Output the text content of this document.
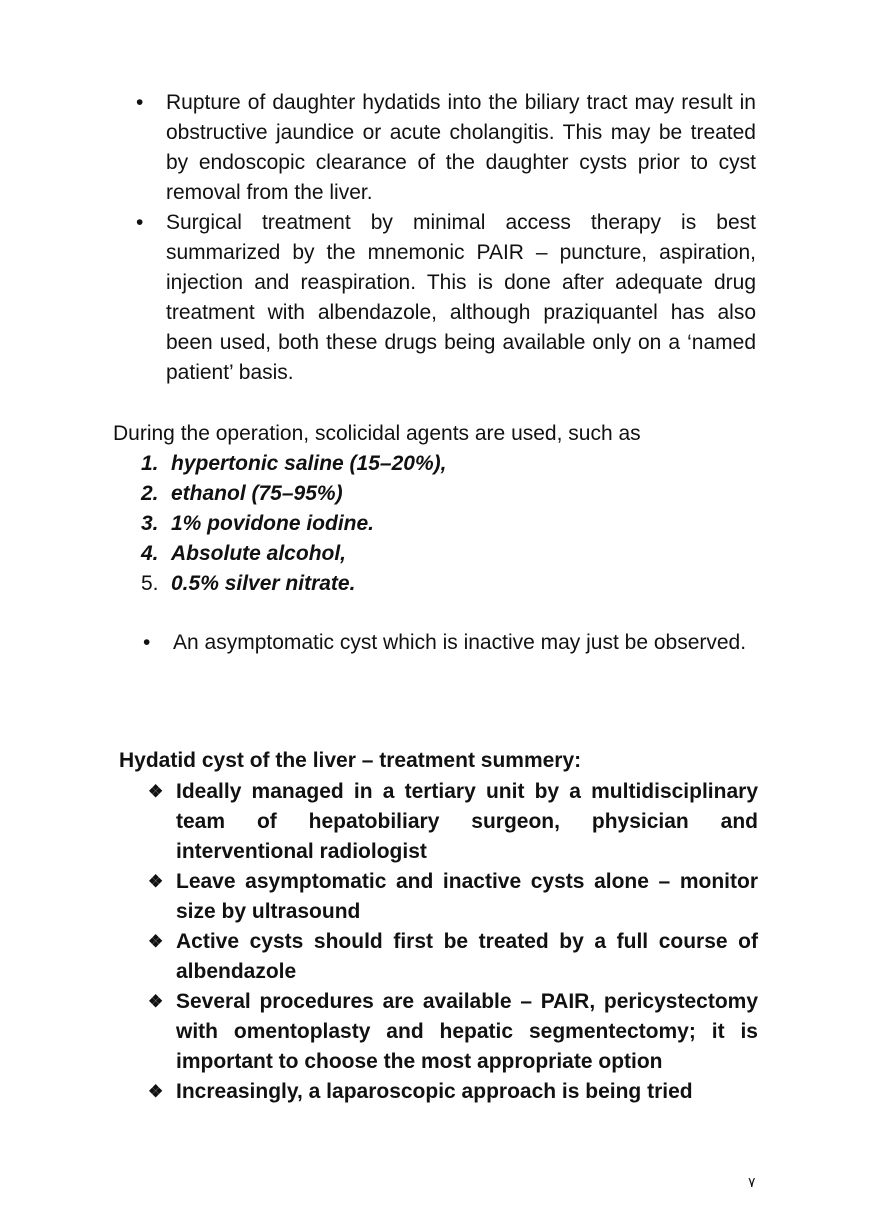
•	Rupture of daughter hydatids into the biliary tract may result in obstructive jaundice or acute cholangitis. This may be treated by endoscopic clearance of the daughter cysts prior to cyst removal from the liver.
•	Surgical treatment by minimal access therapy is best summarized by the mnemonic PAIR – puncture, aspiration, injection and reaspiration. This is done after adequate drug treatment with albendazole, although praziquantel has also been used, both these drugs being available only on a ‘named patient’ basis.
During the operation, scolicidal agents are used, such as
1. hypertonic saline (15–20%),
2. ethanol (75–95%)
3. 1% povidone iodine.
4. Absolute alcohol,
5. 0.5% silver nitrate.
•	An asymptomatic cyst which is inactive may just be observed.
Hydatid cyst of the liver – treatment summery:
❖ Ideally managed in a tertiary unit by a multidisciplinary team of hepatobiliary surgeon, physician and interventional radiologist
❖ Leave asymptomatic and inactive cysts alone – monitor size by ultrasound
❖ Active cysts should first be treated by a full course of albendazole
❖ Several procedures are available – PAIR, pericystectomy with omentoplasty and hepatic segmentectomy; it is important to choose the most appropriate option
❖ Increasingly, a laparoscopic approach is being tried
٧
